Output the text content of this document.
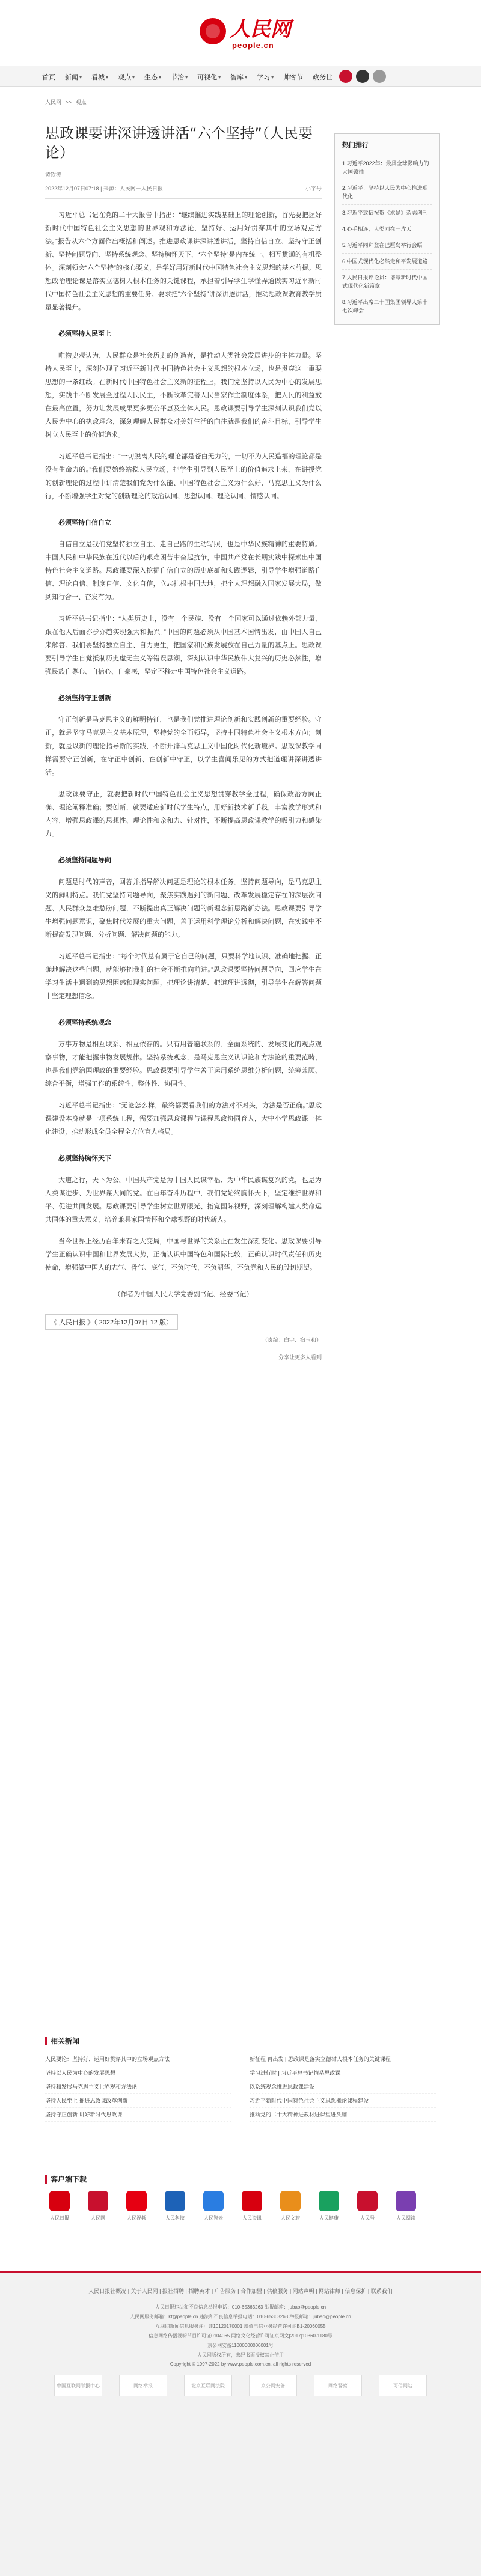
人民网
people.cn
首页 新闻 ▾ 看城 ▾ 观点 ▾ 生态 ▾ 节治 ▾ 可视化 ▾ 智库 ▾ 学习 ▾ 帅客节 政务世
人民网 >> 观点
思政课要讲深讲透讲活“六个坚持”（人民要论）
黄钦涛
2022年12月07日07:18 | 来源：人民网－人民日报	小字号

习近平总书记在党的二十大报告中指出：“继续推进实践基础上的理论创新，首先要把握好新时代中国特色社会主义思想的世界观和方法论，坚持好、运用好贯穿其中的立场观点方法。”报告从六个方面作出概括和阐述。推进思政课讲深讲透讲活，坚持自信自立、坚持守正创新、坚持问题导向、坚持系统观念、坚持胸怀天下，“六个坚持”是内在统一、相互贯通的有机整体。深刻领会“六个坚持”的核心要义，是学好用好新时代中国特色社会主义思想的基本前提。思想政治理论课是落实立德树人根本任务的关键课程，承担着引导学生学懂弄通做实习近平新时代中国特色社会主义思想的重要任务。要求把“六个坚持”讲深讲透讲活，推动思政课教育教学质量显著提升。

必须坚持人民至上

唯物史观认为，人民群众是社会历史的创造者，是推动人类社会发展进步的主体力量。坚持人民至上，深刻体现了习近平新时代中国特色社会主义思想的根本立场，也是贯穿这一重要思想的一条红线。在新时代中国特色社会主义新的征程上，我们党坚持以人民为中心的发展思想，实践中不断发展全过程人民民主，不断改革完善人民当家作主制度体系，把人民的利益放在最高位置，努力让发展成果更多更公平惠及全体人民。思政课要引导学生深刻认识我们党以人民为中心的执政理念，深刻理解人民群众对美好生活的向往就是我们的奋斗目标，引导学生树立人民至上的价值追求。

习近平总书记指出：“一切脱离人民的理论都是苍白无力的，一切不为人民造福的理论都是没有生命力的。”我们要始终站稳人民立场，把学生引导到人民至上的价值追求上来，在讲授党的创新理论的过程中讲清楚我们党为什么能、中国特色社会主义为什么好、马克思主义为什么行，不断增强学生对党的创新理论的政治认同、思想认同、理论认同、情感认同。

必须坚持自信自立

自信自立是我们党坚持独立自主、走自己路的生动写照，也是中华民族精神的重要特质。中国人民和中华民族在近代以后的艰难困苦中奋起抗争，中国共产党在长期实践中探索出中国特色社会主义道路。思政课要深入挖掘自信自立的历史底蕴和实践逻辑，引导学生增强道路自信、理论自信、制度自信、文化自信，立志扎根中国大地，把个人理想融入国家发展大局，做到知行合一、奋发有为。

习近平总书记指出：“人类历史上，没有一个民族、没有一个国家可以通过依赖外部力量、跟在他人后面亦步亦趋实现强大和振兴。”中国的问题必须从中国基本国情出发，由中国人自己来解答。我们要坚持独立自主、自力更生，把国家和民族发展放在自己力量的基点上。思政课要引导学生自觉抵制历史虚无主义等错误思潮，深刻认识中华民族伟大复兴的历史必然性，增强民族自尊心、自信心、自豪感，坚定不移走中国特色社会主义道路。

必须坚持守正创新

守正创新是马克思主义的鲜明特征，也是我们党推进理论创新和实践创新的重要经验。守正，就是坚守马克思主义基本原理，坚持党的全面领导，坚持中国特色社会主义根本方向；创新，就是以新的理论指导新的实践，不断开辟马克思主义中国化时代化新境界。思政课教学同样需要守正创新，在守正中创新、在创新中守正，以学生喜闻乐见的方式把道理讲深讲透讲活。

思政课要守正，就要把新时代中国特色社会主义思想贯穿教学全过程，确保政治方向正确、理论阐释准确；要创新，就要适应新时代学生特点，用好新技术新手段，丰富教学形式和内容，增强思政课的思想性、理论性和亲和力、针对性，不断提高思政课教学的吸引力和感染力。

必须坚持问题导向

问题是时代的声音，回答并指导解决问题是理论的根本任务。坚持问题导向，是马克思主义的鲜明特点。我们党坚持问题导向，聚焦实践遇到的新问题、改革发展稳定存在的深层次问题、人民群众急难愁盼问题，不断提出真正解决问题的新理念新思路新办法。思政课要引导学生增强问题意识，聚焦时代发展的重大问题，善于运用科学理论分析和解决问题，在实践中不断提高发现问题、分析问题、解决问题的能力。

习近平总书记指出：“每个时代总有属于它自己的问题，只要科学地认识、准确地把握、正确地解决这些问题，就能够把我们的社会不断推向前进。”思政课要坚持问题导向，回应学生在学习生活中遇到的思想困惑和现实问题，把理论讲清楚、把道理讲透彻，引导学生在解答问题中坚定理想信念。

必须坚持系统观念

万事万物是相互联系、相互依存的。只有用普遍联系的、全面系统的、发展变化的观点观察事物，才能把握事物发展规律。坚持系统观念，是马克思主义认识论和方法论的重要范畴，也是我们党治国理政的重要经验。思政课要引导学生善于运用系统思维分析问题，统筹兼顾、综合平衡，增强工作的系统性、整体性、协同性。

习近平总书记指出：“无论怎么样，最终都要看我们的方法对不对头，方法是否正确。”思政课建设本身就是一项系统工程，需要加强思政课程与课程思政协同育人，大中小学思政课一体化建设，推动形成全员全程全方位育人格局。

必须坚持胸怀天下

大道之行，天下为公。中国共产党是为中国人民谋幸福、为中华民族谋复兴的党，也是为人类谋进步、为世界谋大同的党。在百年奋斗历程中，我们党始终胸怀天下，坚定维护世界和平、促进共同发展。思政课要引导学生树立世界眼光、拓宽国际视野，深刻理解构建人类命运共同体的重大意义，培养兼具家国情怀和全球视野的时代新人。

当今世界正经历百年未有之大变局，中国与世界的关系正在发生深刻变化。思政课要引导学生正确认识中国和世界发展大势，正确认识中国特色和国际比较，正确认识时代责任和历史使命，增强做中国人的志气、骨气、底气，不负时代，不负韶华，不负党和人民的殷切期望。

（作者为中国人民大学党委副书记、经委书记）
《 人民日报 》（ 2022年12月07日 12 版）
（责编：白宇、宿玉和）
分享让更多人看到
热门排行
1.习近平2022年：最具全球影响力的大国领袖
2.习近平：坚持以人民为中心推进现代化
3.习近平致信祝贺《求是》杂志创刊
4.心手相连，人类同在一片天
5.习近平同拜登在巴厘岛举行会晤
6.中国式现代化必然走和平发展道路
7.人民日报评论员：谱写新时代中国式现代化新篇章
8.习近平出席二十国集团领导人第十七次峰会
相关新闻
人民要论：坚持好、运用好贯穿其中的立场观点方法	新征程 再出发 | 思政课是落实立德树人根本任务的关键课程
坚持以人民为中心的发展思想	学习进行时 | 习近平总书记情系思政课
坚持和发展马克思主义世界观和方法论	以系统观念推进思政课建设
坚持人民至上 推进思政课改革创新	习近平新时代中国特色社会主义思想概论课程建设
坚持守正创新 讲好新时代思政课	推动党的二十大精神进教材进课堂进头脑
客户端下载
人民日报	人民网	人民视频	人民科技	人民智云	人民资讯	人民文旅	人民健康	人民号	人民阅读
人民日报社概况 | 关于人民网 | 报社招聘 | 招聘英才 | 广告服务 | 合作加盟 | 供稿服务 | 网站声明 | 网站律师 | 信息保护 | 联系我们
人民日报违法和不良信息举报电话：010-65363263 举报邮箱：jubao@people.cn
人民网服务邮箱：kf@people.cn 违法和不良信息举报电话：010-65363263 举报邮箱：jubao@people.cn
互联网新闻信息服务许可证10120170001 增值电信业务经营许可证B1-20060055
信息网络传播视听节目许可证0104065 网络文化经营许可证京网文[2017]10360-1180号
京公网安备11000000000001号
人民网版权所有，未经书面授权禁止使用
Copyright © 1997-2022 by www.people.com.cn. all rights reserved
中国互联网举报中心	网络举报	北京互联网法院	京公网安备	网络警察	可信网站
